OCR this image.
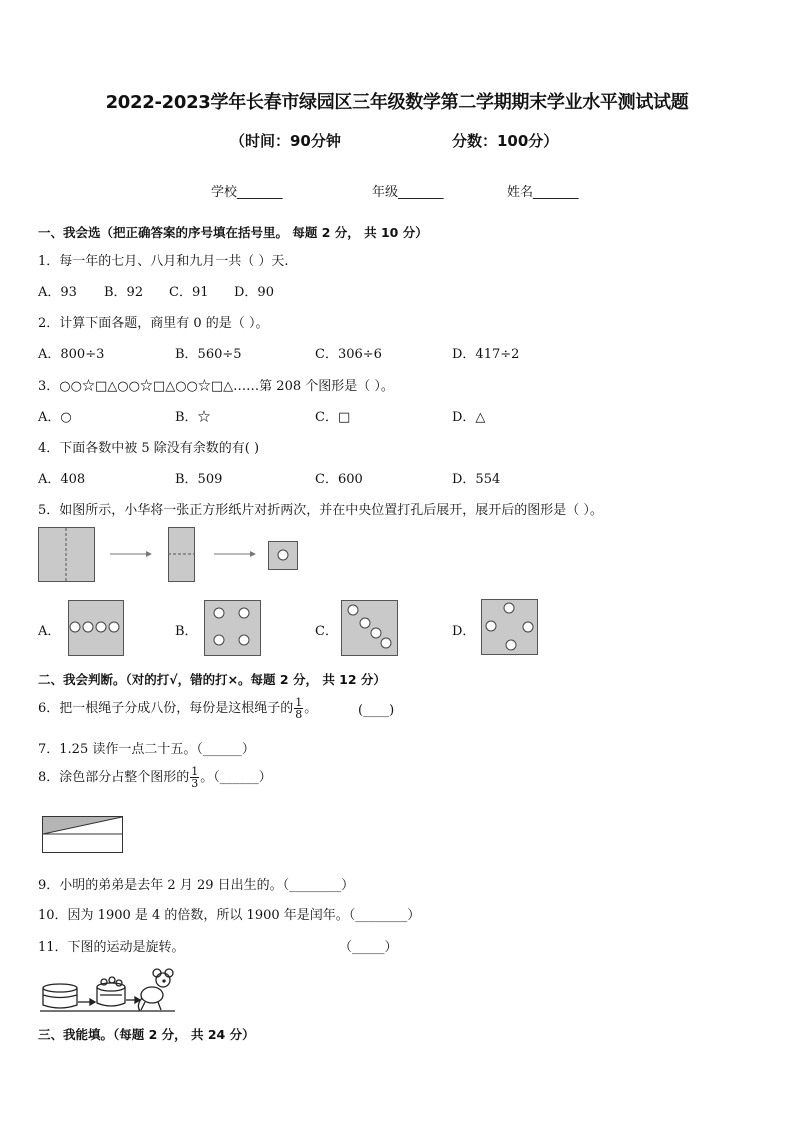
2022-2023学年长春市绿园区三年级数学第二学期期末学业水平测试试题
（时间：90分钟	分数：100分）
学校_______	年级_______	姓名_______
一、我会选（把正确答案的序号填在括号里。 每题 2 分， 共 10 分）
1．每一年的七月、八月和九月一共（ ）天.
A．93 B．92 C．91 D．90
2．计算下面各题，商里有 0 的是（ ）。
A．800÷3	B．560÷5	C．306÷6	D．417÷2
3．○○☆□△○○☆□△○○☆□△……第 208 个图形是（ ）。
A．○	B．☆	C．□	D．△
4．下面各数中被 5 除没有余数的有( )
A．408	B．509	C．600	D．554
5．如图所示，小华将一张正方形纸片对折两次，并在中央位置打孔后展开，展开后的图形是（ ）。
A．	B．	C．	D．
二、我会判断。（对的打√，错的打×。每题 2 分， 共 12 分）
6．把一根绳子分成八份，每份是这根绳子的 $\frac{1}{8}$ 。	(____)
7．1.25 读作一点二十五。（______）
8．涂色部分占整个图形的 $\frac{1}{3}$ 。（______）
9．小明的弟弟是去年 2 月 29 日出生的。（________）
10．因为 1900 是 4 的倍数，所以 1900 年是闰年。（________）
11．下图的运动是旋转。	（_____）
三、我能填。（每题 2 分， 共 24 分）
